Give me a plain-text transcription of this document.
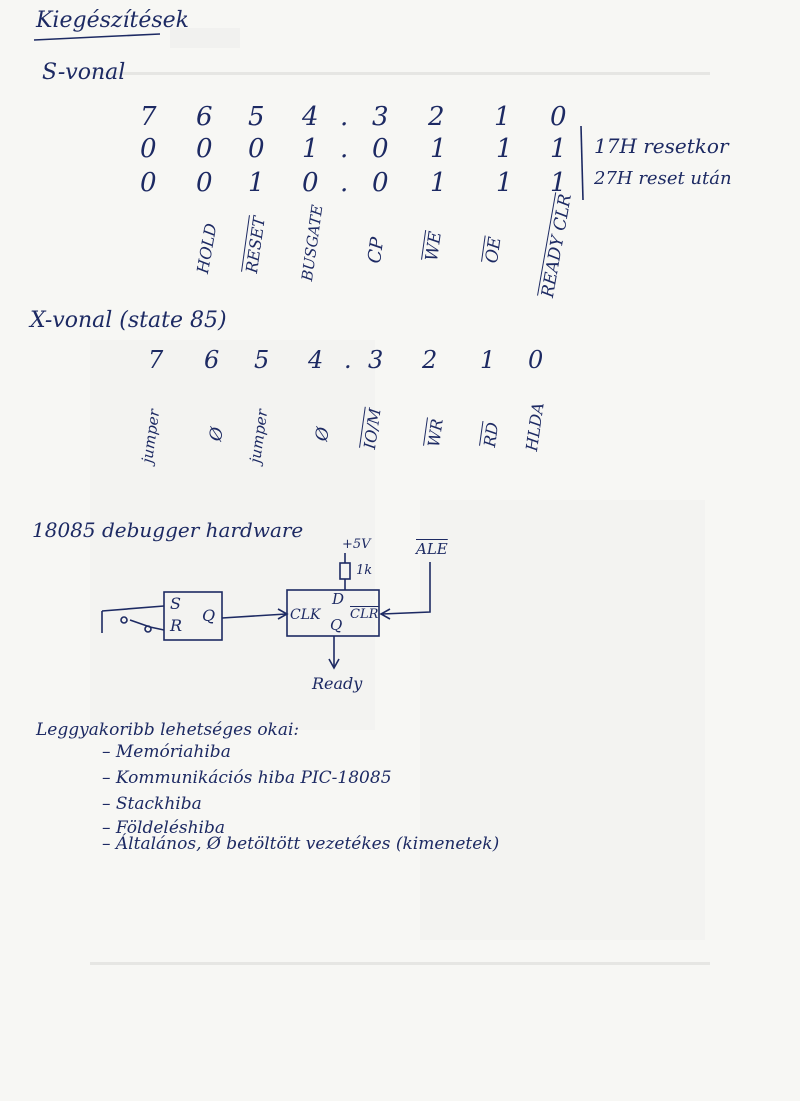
Kiegészítések
S-vonal
7 6 5 4 . 3 2 1 0
0 0 0 1 . 0 1 1 1 17H resetkor
0 0 1 0 . 0 1 1 1 27H reset után
HOLD RESET BUSGATE CP $\overline{WE}$ $\overline{OE}$ READY CLR
X-vonal (state 85)
7 6 5 4 . 3 2 1 0
jumper	Ø jumper Ø IO/M $\overline{WR}$ $\overline{RD}$ HLDA
18085 debugger hardware
S
R
Q
+5V
1k
D
CLK $\overline{CLR}$
Q
$\overline{ALE}$
Ready
Leggyakoribb lehetséges okai:
– Memóriahiba
– Kommunikációs hiba PIC-18085
– Stackhiba
– Földeléshiba
– Általános, Ø betöltött vezetékes (kimenetek)
